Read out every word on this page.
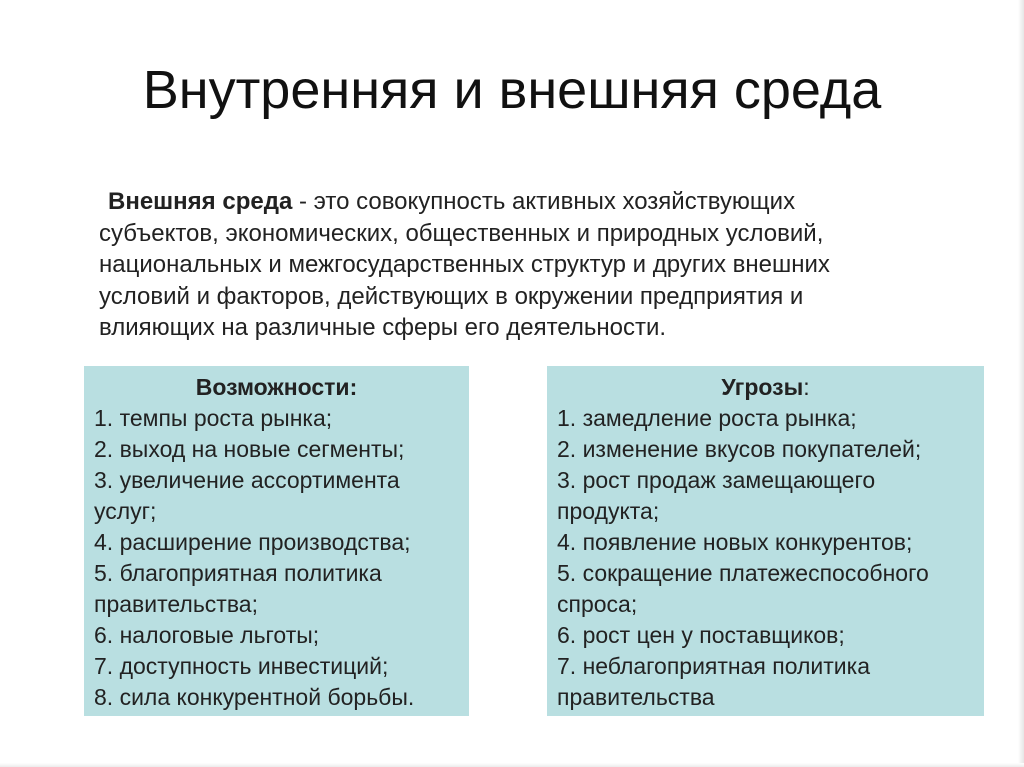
Внутренняя и внешняя среда
Внешняя среда - это совокупность активных хозяйствующих
субъектов, экономических, общественных и природных условий,
национальных и межгосударственных структур и других внешних
условий и факторов, действующих в окружении предприятия и
влияющих на различные сферы его деятельности.
Возможности:
1. темпы роста рынка;
2. выход на новые сегменты;
3. увеличение ассортимента
услуг;
4. расширение производства;
5. благоприятная политика
правительства;
6. налоговые льготы;
7. доступность инвестиций;
8. сила конкурентной борьбы.
Угрозы:
1. замедление роста рынка;
2. изменение вкусов покупателей;
3. рост продаж замещающего
продукта;
4. появление новых конкурентов;
5. сокращение платежеспособного
спроса;
6. рост цен у поставщиков;
7. неблагоприятная политика
правительства
